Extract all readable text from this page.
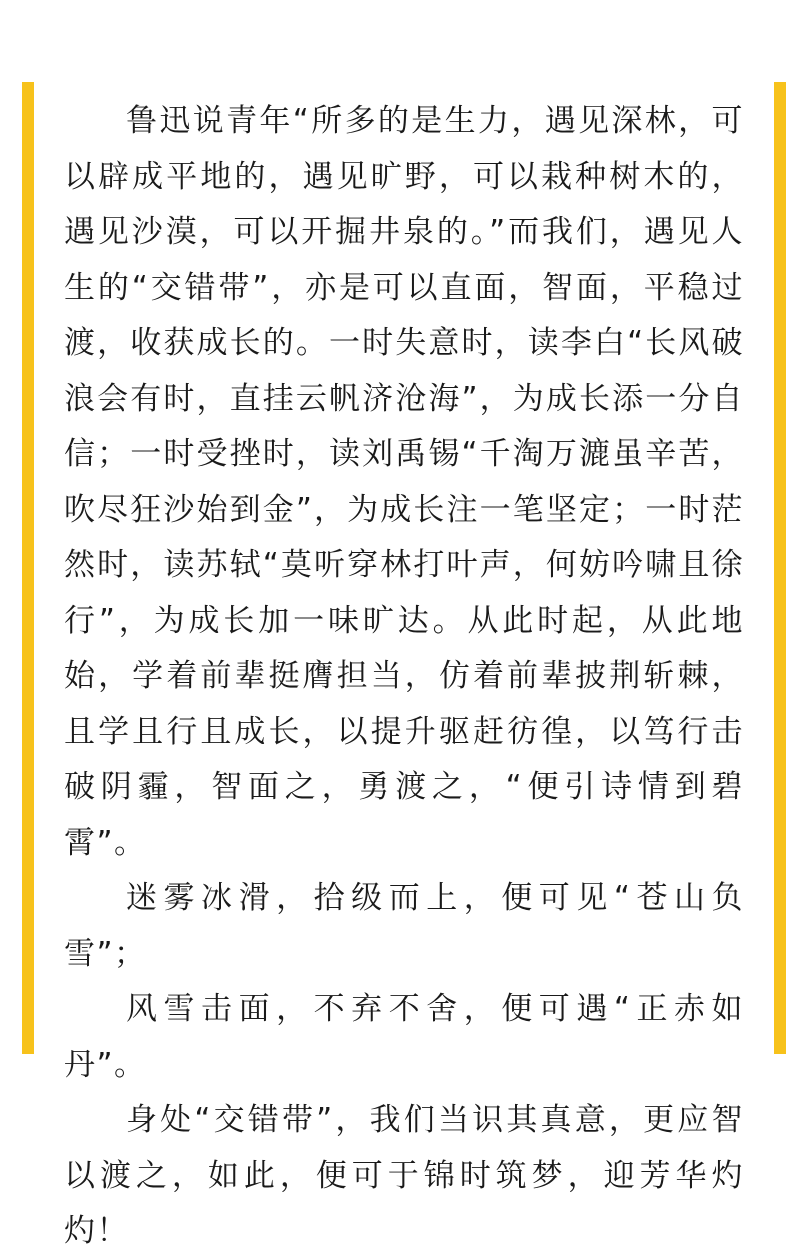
鲁迅说青年“所多的是生力，遇见深林，可以辟成平地的，遇见旷野，可以栽种树木的，遇见沙漠，可以开掘井泉的。”而我们，遇见人生的“交错带”，亦是可以直面，智面，平稳过渡，收获成长的。一时失意时，读李白“长风破浪会有时，直挂云帆济沧海”，为成长添一分自信；一时受挫时，读刘禹锡“千淘万漉虽辛苦，吹尽狂沙始到金”，为成长注一笔坚定；一时茫然时，读苏轼“莫听穿林打叶声，何妨吟啸且徐行”，为成长加一味旷达。从此时起，从此地始，学着前辈挺膺担当，仿着前辈披荆斩棘，且学且行且成长，以提升驱赶彷徨，以笃行击破阴霾，智面之，勇渡之，“便引诗情到碧霄”。

迷雾冰滑，拾级而上，便可见“苍山负雪”；

风雪击面，不弃不舍，便可遇“正赤如丹”。

身处“交错带”，我们当识其真意，更应智以渡之，如此，便可于锦时筑梦，迎芳华灼灼！
